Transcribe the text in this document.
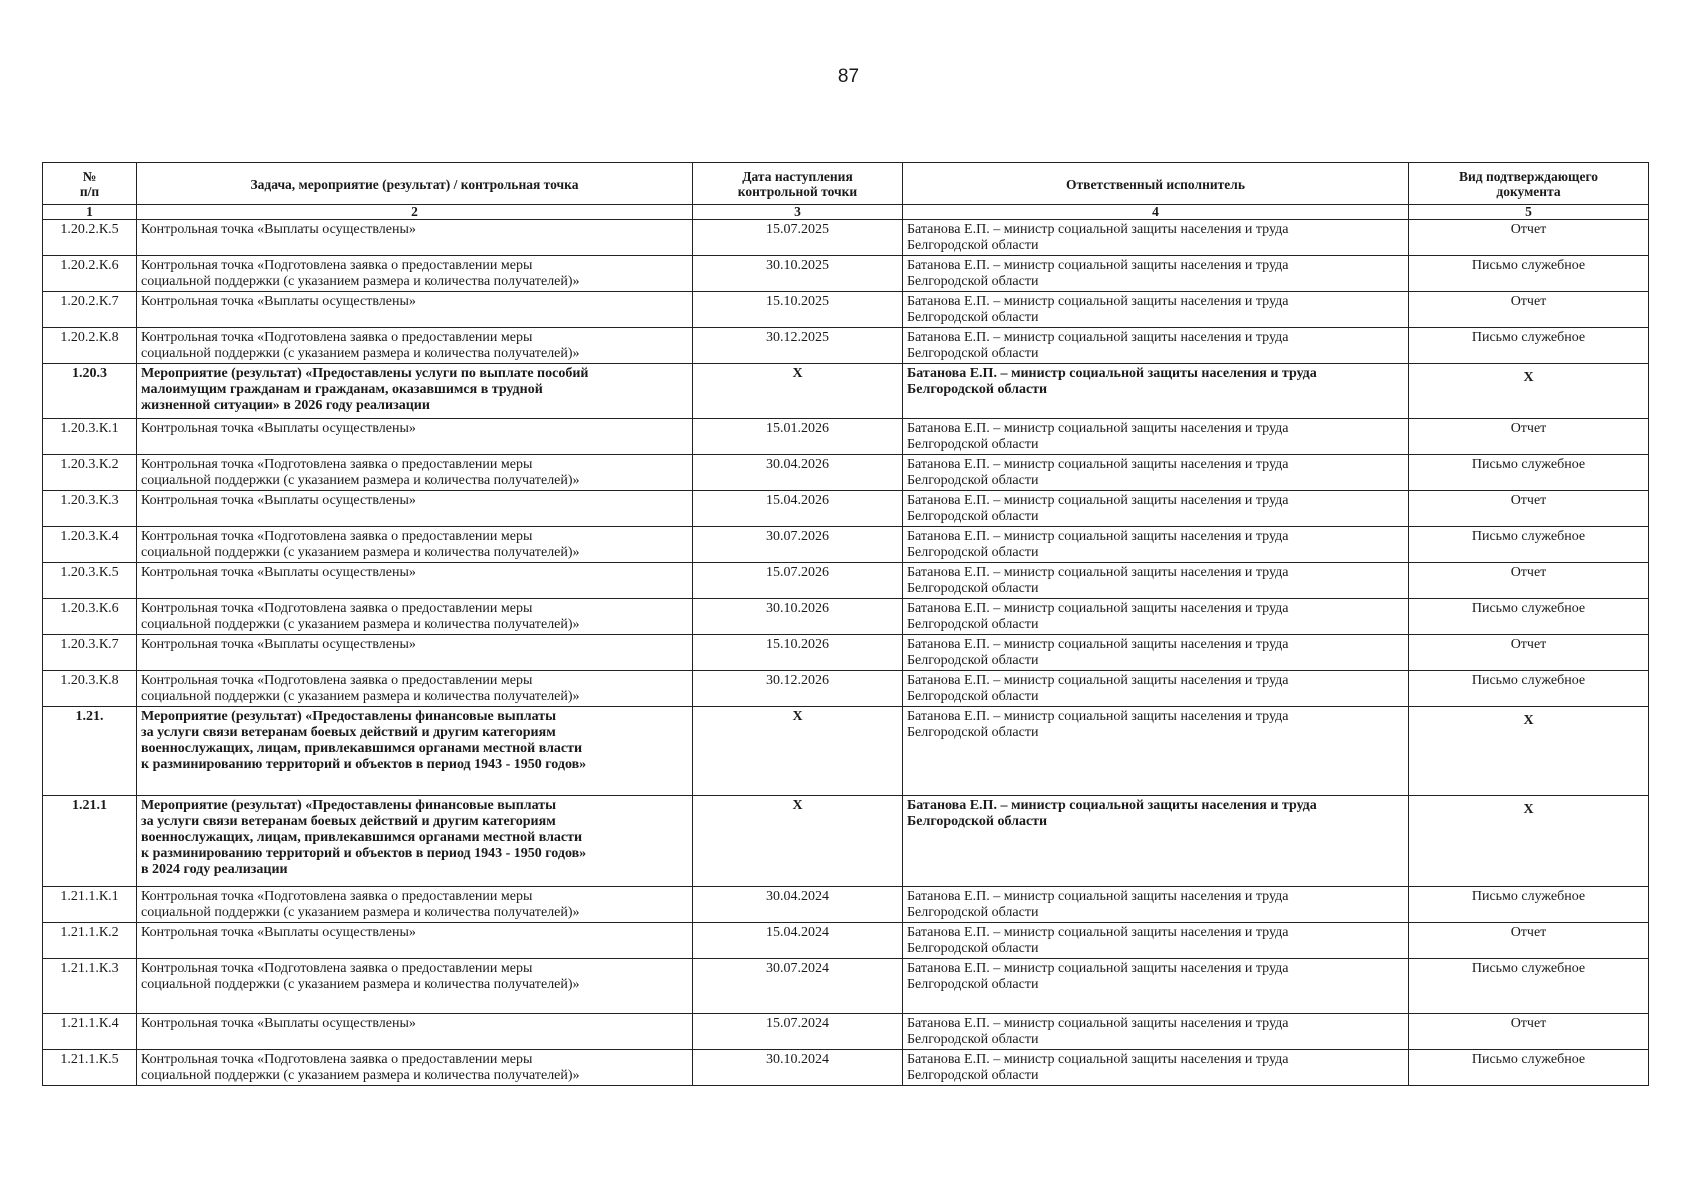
87
№
п/п	Задача, мероприятие (результат) / контрольная точка	Дата наступления
контрольной точки	Ответственный исполнитель	Вид подтверждающего
документа
1	2	3	4	5
1.20.2.К.5	Контрольная точка «Выплаты осуществлены»	15.07.2025	Батанова Е.П. – министр социальной защиты населения и труда
Белгородской области	Отчет
1.20.2.К.6	Контрольная точка «Подготовлена заявка о предоставлении меры
социальной поддержки (с указанием размера и количества получателей)»	30.10.2025	Батанова Е.П. – министр социальной защиты населения и труда
Белгородской области	Письмо служебное
1.20.2.К.7	Контрольная точка «Выплаты осуществлены»	15.10.2025	Батанова Е.П. – министр социальной защиты населения и труда
Белгородской области	Отчет
1.20.2.К.8	Контрольная точка «Подготовлена заявка о предоставлении меры
социальной поддержки (с указанием размера и количества получателей)»	30.12.2025	Батанова Е.П. – министр социальной защиты населения и труда
Белгородской области	Письмо служебное
1.20.3	Мероприятие (результат) «Предоставлены услуги по выплате пособий
малоимущим гражданам и гражданам, оказавшимся в трудной
жизненной ситуации» в 2026 году реализации	Х	Батанова Е.П. – министр социальной защиты населения и труда
Белгородской области	Х
1.20.3.К.1	Контрольная точка «Выплаты осуществлены»	15.01.2026	Батанова Е.П. – министр социальной защиты населения и труда
Белгородской области	Отчет
1.20.3.К.2	Контрольная точка «Подготовлена заявка о предоставлении меры
социальной поддержки (с указанием размера и количества получателей)»	30.04.2026	Батанова Е.П. – министр социальной защиты населения и труда
Белгородской области	Письмо служебное
1.20.3.К.3	Контрольная точка «Выплаты осуществлены»	15.04.2026	Батанова Е.П. – министр социальной защиты населения и труда
Белгородской области	Отчет
1.20.3.К.4	Контрольная точка «Подготовлена заявка о предоставлении меры
социальной поддержки (с указанием размера и количества получателей)»	30.07.2026	Батанова Е.П. – министр социальной защиты населения и труда
Белгородской области	Письмо служебное
1.20.3.К.5	Контрольная точка «Выплаты осуществлены»	15.07.2026	Батанова Е.П. – министр социальной защиты населения и труда
Белгородской области	Отчет
1.20.3.К.6	Контрольная точка «Подготовлена заявка о предоставлении меры
социальной поддержки (с указанием размера и количества получателей)»	30.10.2026	Батанова Е.П. – министр социальной защиты населения и труда
Белгородской области	Письмо служебное
1.20.3.К.7	Контрольная точка «Выплаты осуществлены»	15.10.2026	Батанова Е.П. – министр социальной защиты населения и труда
Белгородской области	Отчет
1.20.3.К.8	Контрольная точка «Подготовлена заявка о предоставлении меры
социальной поддержки (с указанием размера и количества получателей)»	30.12.2026	Батанова Е.П. – министр социальной защиты населения и труда
Белгородской области	Письмо служебное
1.21.	Мероприятие (результат) «Предоставлены финансовые выплаты
за услуги связи ветеранам боевых действий и другим категориям
военнослужащих, лицам, привлекавшимся органами местной власти
к разминированию территорий и объектов в период 1943 - 1950 годов»	Х	Батанова Е.П. – министр социальной защиты населения и труда
Белгородской области	Х
1.21.1	Мероприятие (результат) «Предоставлены финансовые выплаты
за услуги связи ветеранам боевых действий и другим категориям
военнослужащих, лицам, привлекавшимся органами местной власти
к разминированию территорий и объектов в период 1943 - 1950 годов»
в 2024 году реализации	Х	Батанова Е.П. – министр социальной защиты населения и труда
Белгородской области	Х
1.21.1.К.1	Контрольная точка «Подготовлена заявка о предоставлении меры
социальной поддержки (с указанием размера и количества получателей)»	30.04.2024	Батанова Е.П. – министр социальной защиты населения и труда
Белгородской области	Письмо служебное
1.21.1.К.2	Контрольная точка «Выплаты осуществлены»	15.04.2024	Батанова Е.П. – министр социальной защиты населения и труда
Белгородской области	Отчет
1.21.1.К.3	Контрольная точка «Подготовлена заявка о предоставлении меры
социальной поддержки (с указанием размера и количества получателей)»	30.07.2024	Батанова Е.П. – министр социальной защиты населения и труда
Белгородской области	Письмо служебное
1.21.1.К.4	Контрольная точка «Выплаты осуществлены»	15.07.2024	Батанова Е.П. – министр социальной защиты населения и труда
Белгородской области	Отчет
1.21.1.К.5	Контрольная точка «Подготовлена заявка о предоставлении меры
социальной поддержки (с указанием размера и количества получателей)»	30.10.2024	Батанова Е.П. – министр социальной защиты населения и труда
Белгородской области	Письмо служебное
